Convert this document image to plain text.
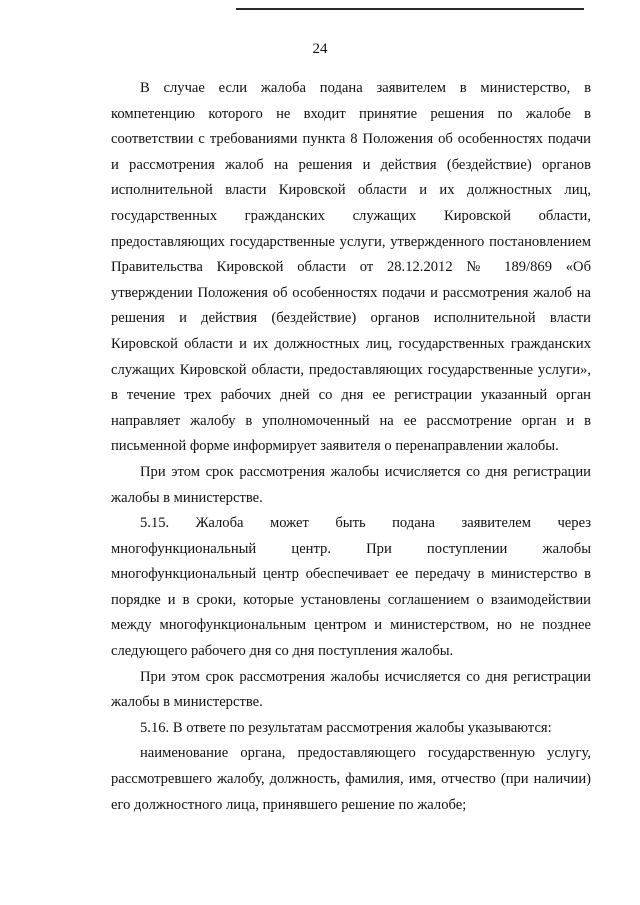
24
В случае если жалоба подана заявителем в министерство, в
компетенцию которого не входит принятие решения по жалобе в
соответствии с требованиями пункта 8 Положения об особенностях подачи
и рассмотрения жалоб на решения и действия (бездействие) органов
исполнительной власти Кировской области и их должностных лиц,
государственных гражданских служащих Кировской области,
предоставляющих государственные услуги, утвержденного постановлением
Правительства Кировской области от 28.12.2012 № 189/869 «Об
утверждении Положения об особенностях подачи и рассмотрения жалоб на
решения и действия (бездействие) органов исполнительной власти
Кировской области и их должностных лиц, государственных гражданских
служащих Кировской области, предоставляющих государственные услуги»,
в течение трех рабочих дней со дня ее регистрации указанный орган
направляет жалобу в уполномоченный на ее рассмотрение орган и в
письменной форме информирует заявителя о перенаправлении жалобы.
При этом срок рассмотрения жалобы исчисляется со дня регистрации
жалобы в министерстве.
5.15. Жалоба может быть подана заявителем через
многофункциональный центр. При поступлении жалобы
многофункциональный центр обеспечивает ее передачу в министерство в
порядке и в сроки, которые установлены соглашением о взаимодействии
между многофункциональным центром и министерством, но не позднее
следующего рабочего дня со дня поступления жалобы.
При этом срок рассмотрения жалобы исчисляется со дня регистрации
жалобы в министерстве.
5.16. В ответе по результатам рассмотрения жалобы указываются:
наименование органа, предоставляющего государственную услугу,
рассмотревшего жалобу, должность, фамилия, имя, отчество (при наличии)
его должностного лица, принявшего решение по жалобе;
